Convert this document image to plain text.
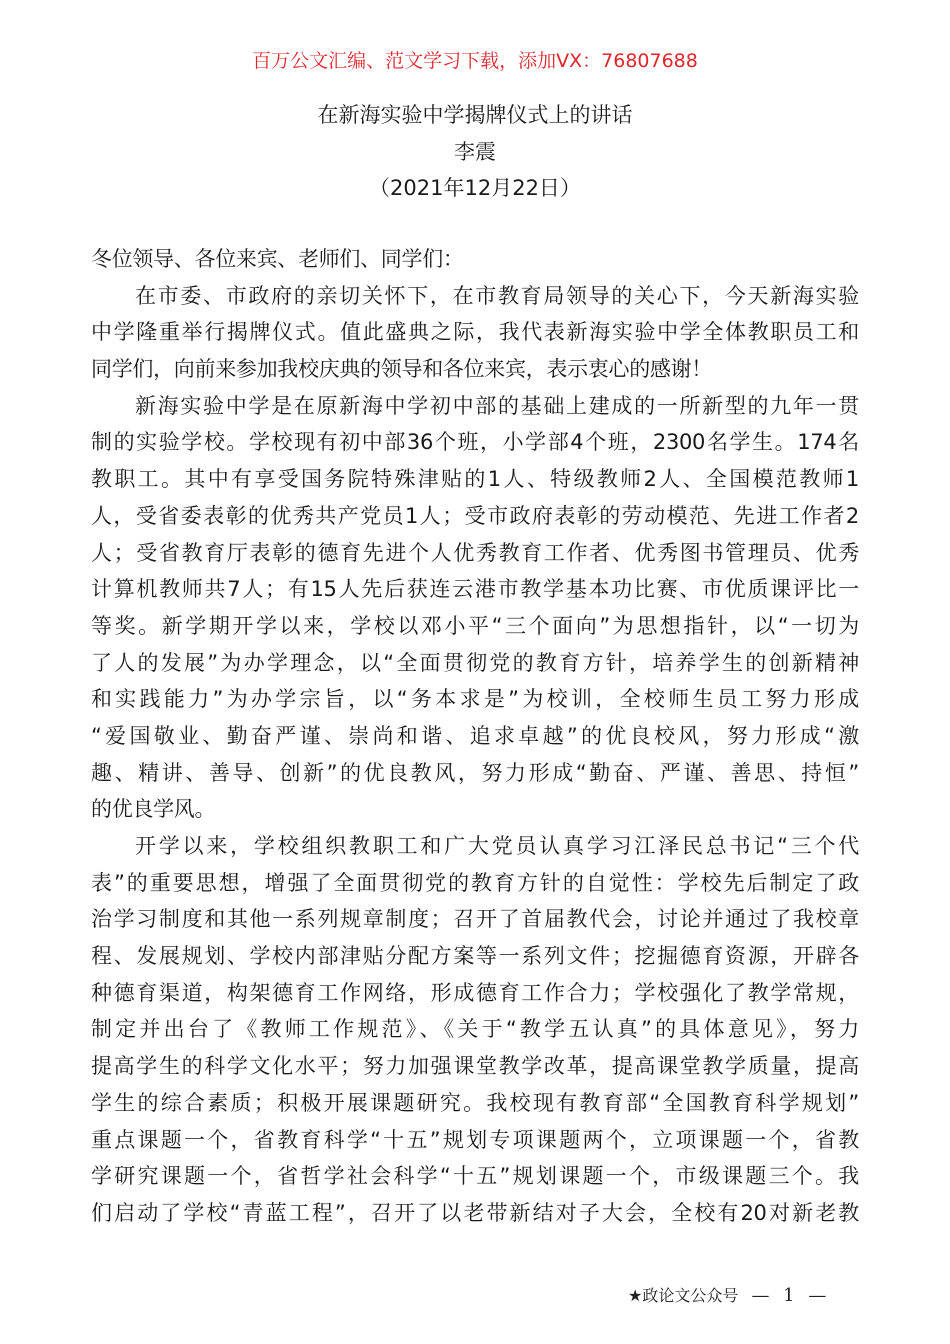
百万公文汇编、范文学习下载，添加VX：76807688
在新海实验中学揭牌仪式上的讲话
李震
（2021年12月22日）
冬位领导、各位来宾、老师们、同学们：
在市委、市政府的亲切关怀下，在市教育局领导的关心下，今天新海实验
中学隆重举行揭牌仪式。值此盛典之际，我代表新海实验中学全体教职员工和
同学们，向前来参加我校庆典的领导和各位来宾，表示衷心的感谢！
新海实验中学是在原新海中学初中部的基础上建成的一所新型的九年一贯
制的实验学校。学校现有初中部36个班，小学部4个班，2300名学生。174名
教职工。其中有享受国务院特殊津贴的1人、特级教师2人、全国模范教师1
人，受省委表彰的优秀共产党员1人；受市政府表彰的劳动模范、先进工作者2
人；受省教育厅表彰的德育先进个人优秀教育工作者、优秀图书管理员、优秀
计算机教师共7人；有15人先后获连云港市教学基本功比赛、市优质课评比一
等奖。新学期开学以来，学校以邓小平“三个面向”为思想指针，以“一切为
了人的发展”为办学理念，以“全面贯彻党的教育方针，培养学生的创新精神
和实践能力”为办学宗旨，以“务本求是”为校训，全校师生员工努力形成
“爱国敬业、勤奋严谨、崇尚和谐、追求卓越”的优良校风，努力形成“激
趣、精讲、善导、创新”的优良教风，努力形成“勤奋、严谨、善思、持恒”
的优良学风。
开学以来，学校组织教职工和广大党员认真学习江泽民总书记“三个代
表”的重要思想，增强了全面贯彻党的教育方针的自觉性：学校先后制定了政
治学习制度和其他一系列规章制度；召开了首届教代会，讨论并通过了我校章
程、发展规划、学校内部津贴分配方案等一系列文件；挖掘德育资源，开辟各
种德育渠道，构架德育工作网络，形成德育工作合力；学校强化了教学常规，
制定并出台了《教师工作规范》、《关于“教学五认真”的具体意见》，努力
提高学生的科学文化水平；努力加强课堂教学改革，提高课堂教学质量，提高
学生的综合素质；积极开展课题研究。我校现有教育部“全国教育科学规划”
重点课题一个，省教育科学“十五”规划专项课题两个，立项课题一个，省教
学研究课题一个，省哲学社会科学“十五”规划课题一个，市级课题三个。我
们启动了学校“青蓝工程”，召开了以老带新结对子大会，全校有20对新老教
★政论文公众号 — 1 —
